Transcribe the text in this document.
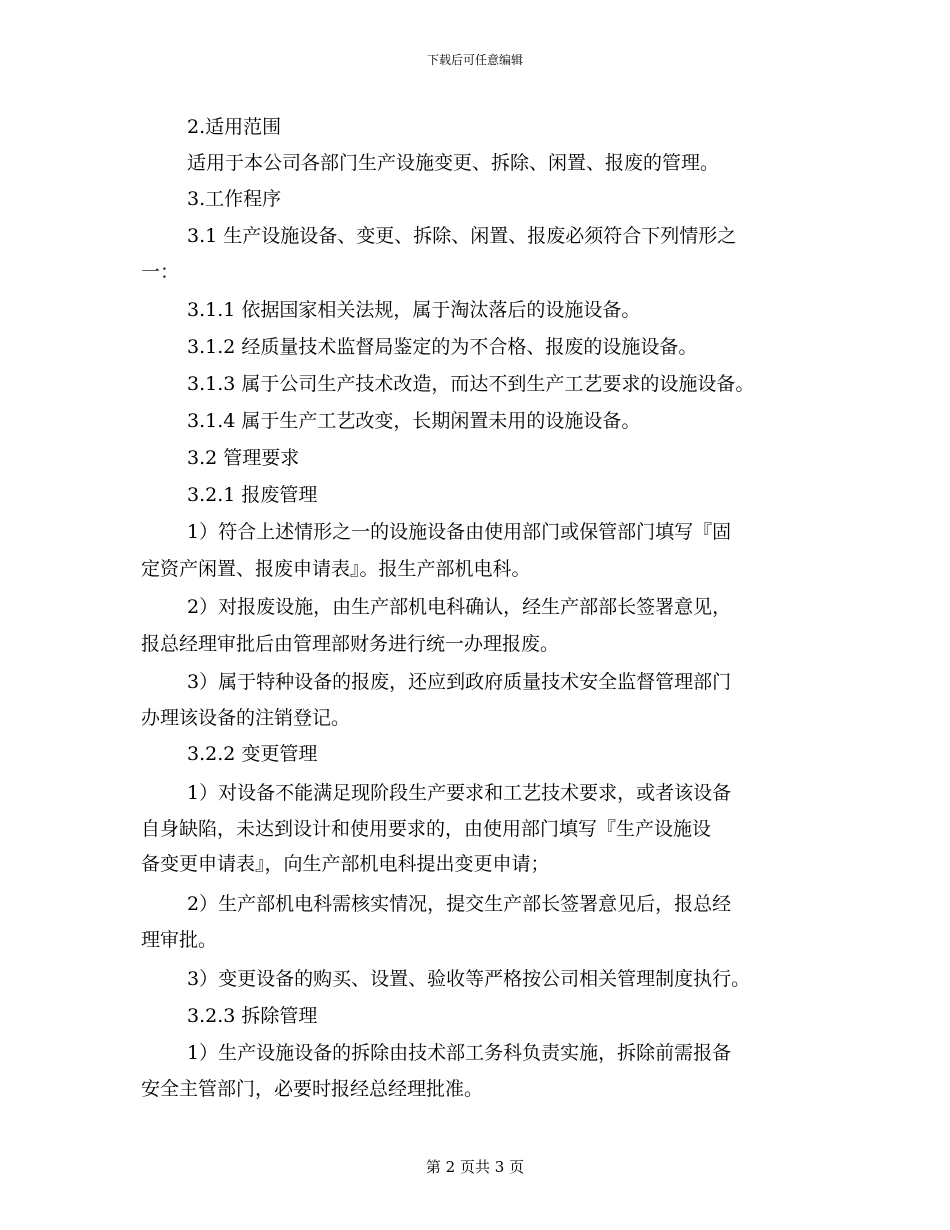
下载后可任意编辑
2.适用范围
适用于本公司各部门生产设施变更、拆除、闲置、报废的管理。
3.工作程序
3.1 生产设施设备、变更、拆除、闲置、报废必须符合下列情形之
一：
3.1.1 依据国家相关法规，属于淘汰落后的设施设备。
3.1.2 经质量技术监督局鉴定的为不合格、报废的设施设备。
3.1.3 属于公司生产技术改造，而达不到生产工艺要求的设施设备。
3.1.4 属于生产工艺改变，长期闲置未用的设施设备。
3.2 管理要求
3.2.1 报废管理
1）符合上述情形之一的设施设备由使用部门或保管部门填写『固
定资产闲置、报废申请表』。报生产部机电科。
2）对报废设施，由生产部机电科确认，经生产部部长签署意见，
报总经理审批后由管理部财务进行统一办理报废。
3）属于特种设备的报废，还应到政府质量技术安全监督管理部门
办理该设备的注销登记。
3.2.2 变更管理
1）对设备不能满足现阶段生产要求和工艺技术要求，或者该设备
自身缺陷，未达到设计和使用要求的，由使用部门填写『生产设施设
备变更申请表』，向生产部机电科提出变更申请；
2）生产部机电科需核实情况，提交生产部长签署意见后，报总经
理审批。
3）变更设备的购买、设置、验收等严格按公司相关管理制度执行。
3.2.3 拆除管理
1）生产设施设备的拆除由技术部工务科负责实施，拆除前需报备
安全主管部门，必要时报经总经理批准。
第 2 页共 3 页
